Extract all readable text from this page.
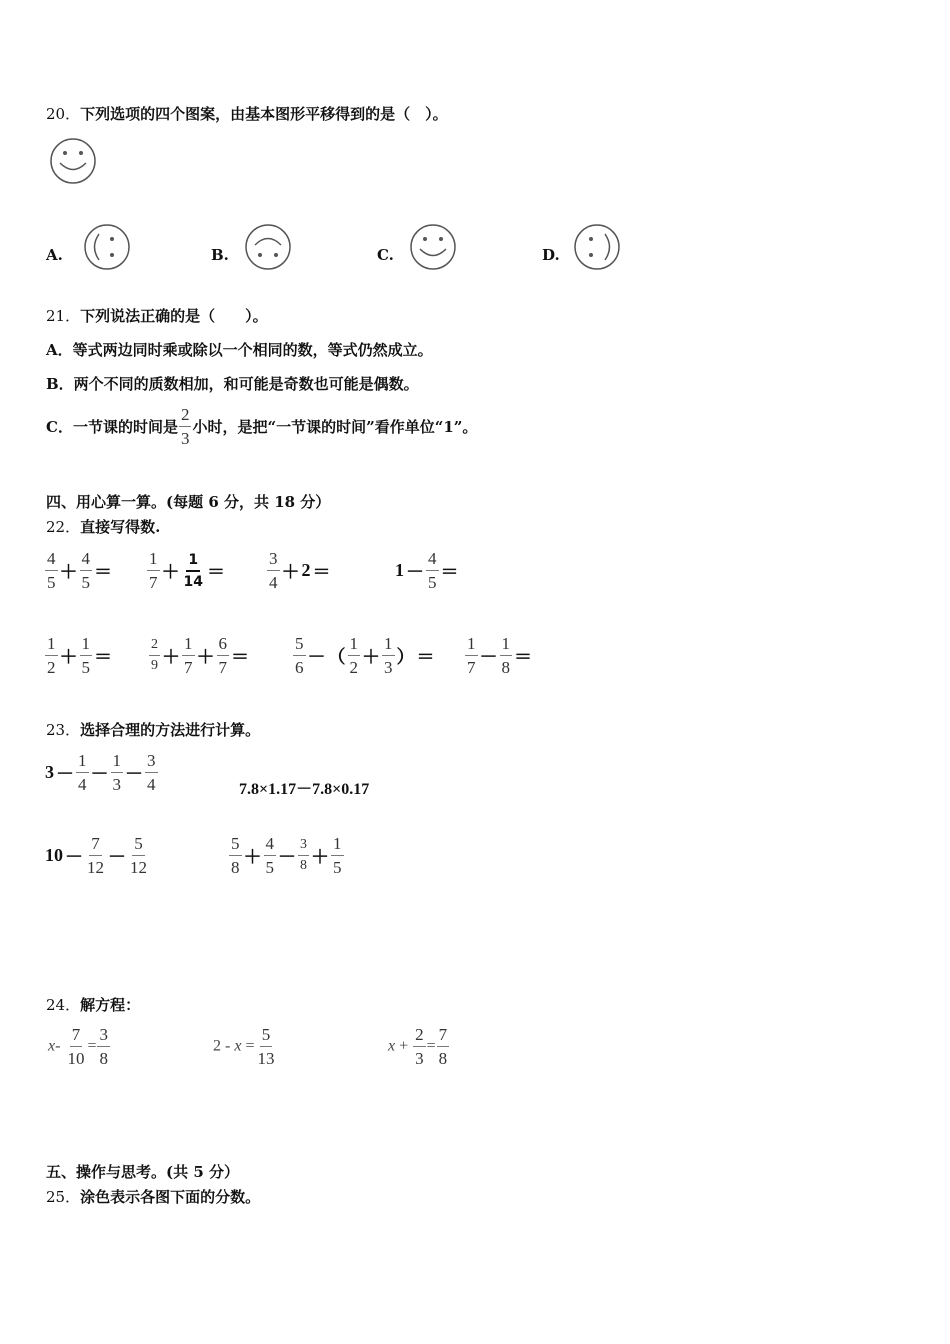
20．下列选项的四个图案，由基本图形平移得到的是（　）。
A.	B.	C.	D.
21．下列说法正确的是（　　）。
A．等式两边同时乘或除以一个相同的数，等式仍然成立。
B．两个不同的质数相加，和可能是奇数也可能是偶数。
C．一节课的时间是 $\frac{2}{3}$ 小时，是把“一节课的时间”看作单位“1”。
四、用心算一算。(每题 6 分，共 18 分）
22．直接写得数.
$\frac{4}{5} + \frac{4}{5} = \frac{1}{7} + \frac{1}{14} = \frac{3}{4} + 2$ ＝	$1 - \frac{4}{5}$ ＝
$\frac{1}{2} + \frac{1}{5}$ ＝	$\frac{2}{9} + \frac{1}{7} + \frac{6}{7}$ ＝	$\frac{5}{6}$ － （ $\frac{1}{2} + \frac{1}{3}$ ） ＝ $\frac{1}{7} - \frac{1}{8}$ ＝
23．选择合理的方法进行计算。
$3 - \frac{1}{4} - \frac{1}{3} - \frac{3}{4}$	7.8×1.17－7.8×0.17
$10 - \frac{7}{12} - \frac{5}{12}$	$\frac{5}{8} + \frac{4}{5} - \frac{3}{8} + \frac{1}{5}$
24．解方程：
$x- \frac{7}{10} = \frac{3}{8}$	$2 - x = \frac{5}{13}$	$x + \frac{2}{3} = \frac{7}{8}$
五、操作与思考。(共 5 分）
25．涂色表示各图下面的分数。
